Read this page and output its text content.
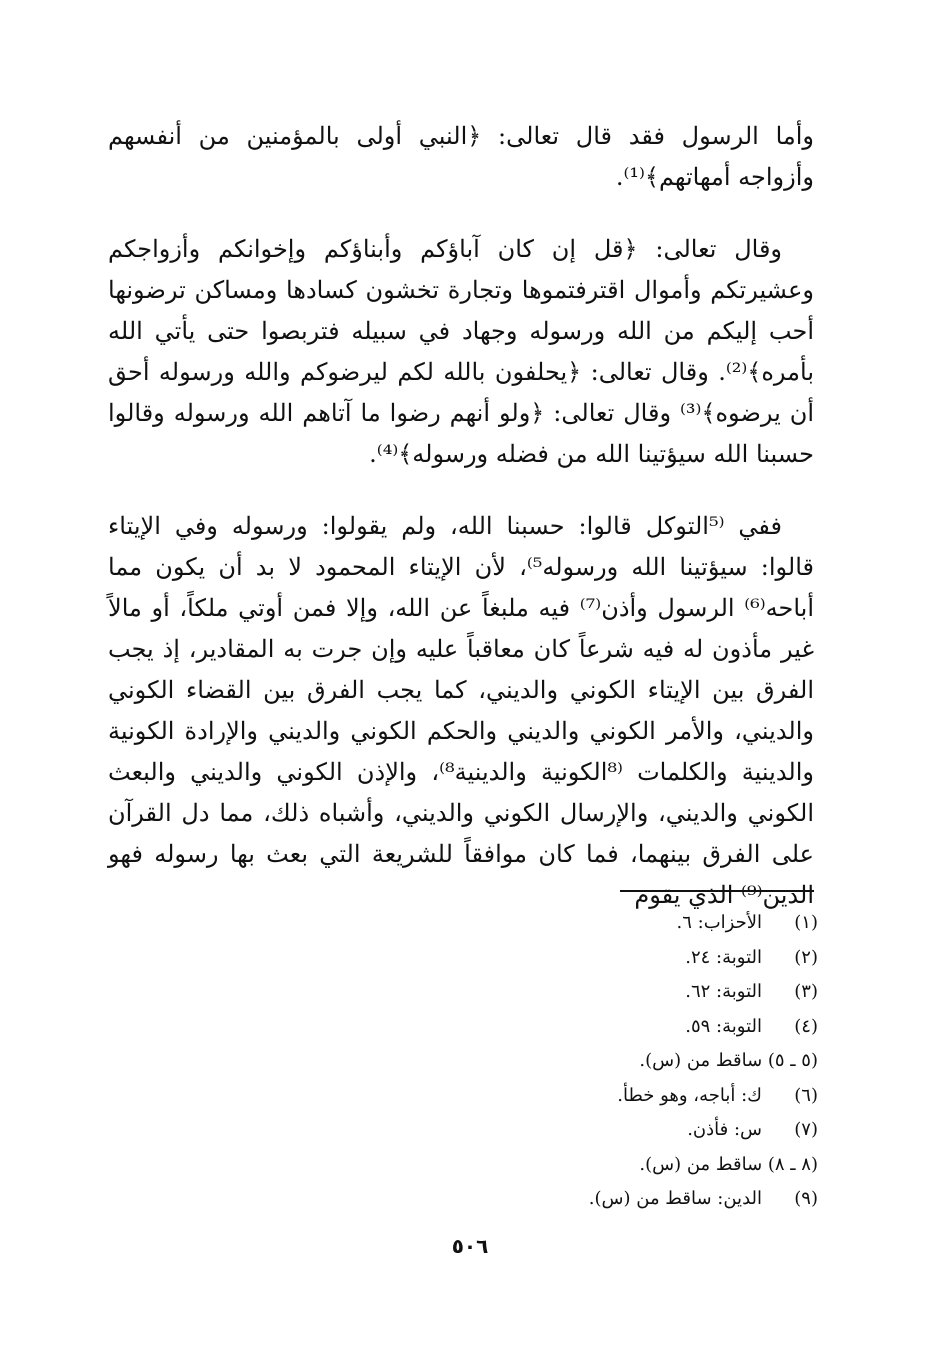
وأما الرسول فقد قال تعالى: ﴿النبي أولى بالمؤمنين من أنفسهم وأزواجه أمهاتهم﴾⁽¹⁾.

وقال تعالى: ﴿قل إن كان آباؤكم وأبناؤكم وإخوانكم وأزواجكم وعشيرتكم وأموال اقترفتموها وتجارة تخشون كسادها ومساكن ترضونها أحب إليكم من الله ورسوله وجهاد في سبيله فتربصوا حتى يأتي الله بأمره﴾⁽²⁾. وقال تعالى: ﴿يحلفون بالله لكم ليرضوكم والله ورسوله أحق أن يرضوه﴾⁽³⁾ وقال تعالى: ﴿ولو أنهم رضوا ما آتاهم الله ورسوله وقالوا حسبنا الله سيؤتينا الله من فضله ورسوله﴾⁽⁴⁾.

ففي ⁽⁵التوكل قالوا: حسبنا الله، ولم يقولوا: ورسوله وفي الإيتاء قالوا: سيؤتينا الله ورسوله⁵⁾، لأن الإيتاء المحمود لا بد أن يكون مما أباحه⁽⁶⁾ الرسول وأذن⁽⁷⁾ فيه ملبغاً عن الله، وإلا فمن أوتي ملكاً، أو مالاً غير مأذون له فيه شرعاً كان معاقباً عليه وإن جرت به المقادير، إذ يجب الفرق بين الإيتاء الكوني والديني، كما يجب الفرق بين القضاء الكوني والديني، والأمر الكوني والديني والحكم الكوني والديني والإرادة الكونية والدينية والكلمات ⁽⁸الكونية والدينية⁸⁾، والإذن الكوني والديني والبعث الكوني والديني، والإرسال الكوني والديني، وأشباه ذلك، مما دل القرآن على الفرق بينهما، فما كان موافقاً للشريعة التي بعث بها رسوله فهو الدين⁽⁹⁾ الذي يقوم

(١)الأحزاب: ٦.
(٢)التوبة: ٢٤.
(٣)التوبة: ٦٢.
(٤)التوبة: ٥٩.
(٥ ـ ٥) ساقط من (س).
(٦)ك: أباجه، وهو خطأ.
(٧)س: فأذن.
(٨ ـ ٨) ساقط من (س).
(٩)الدين: ساقط من (س).
٥٠٦
